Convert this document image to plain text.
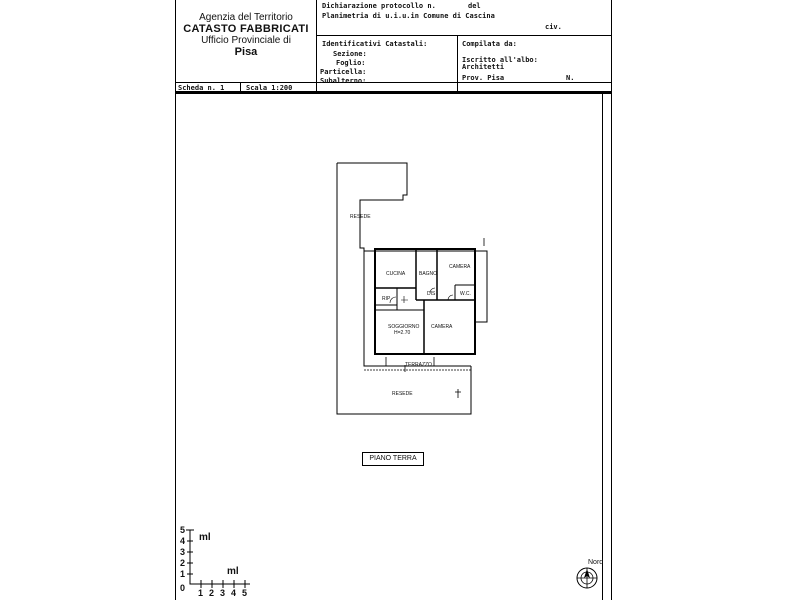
Agenzia del Territorio
CATASTO FABBRICATI
Ufficio Provinciale di
Pisa
Dichiarazione protocollo n.	del
Planimetria di u.i.u.in Comune di Cascina
civ.
Identificativi Catastali:
Sezione:
Foglio:
Particella:
Subalterno:
Compilata da:
Iscritto all'albo:
Architetti
Prov. Pisa	N.
Scheda n. 1	Scala 1:200
RESEDE
CUCINA	BAGNO
CAMERA
RIP
DIS	W.C.
SOGGIORNO
H=2.70
CAMERA
TERRAZZO
RESEDE
PIANO TERRA
5
4
3
2
1
0 1 2 3 4 5
ml
ml
Nord
